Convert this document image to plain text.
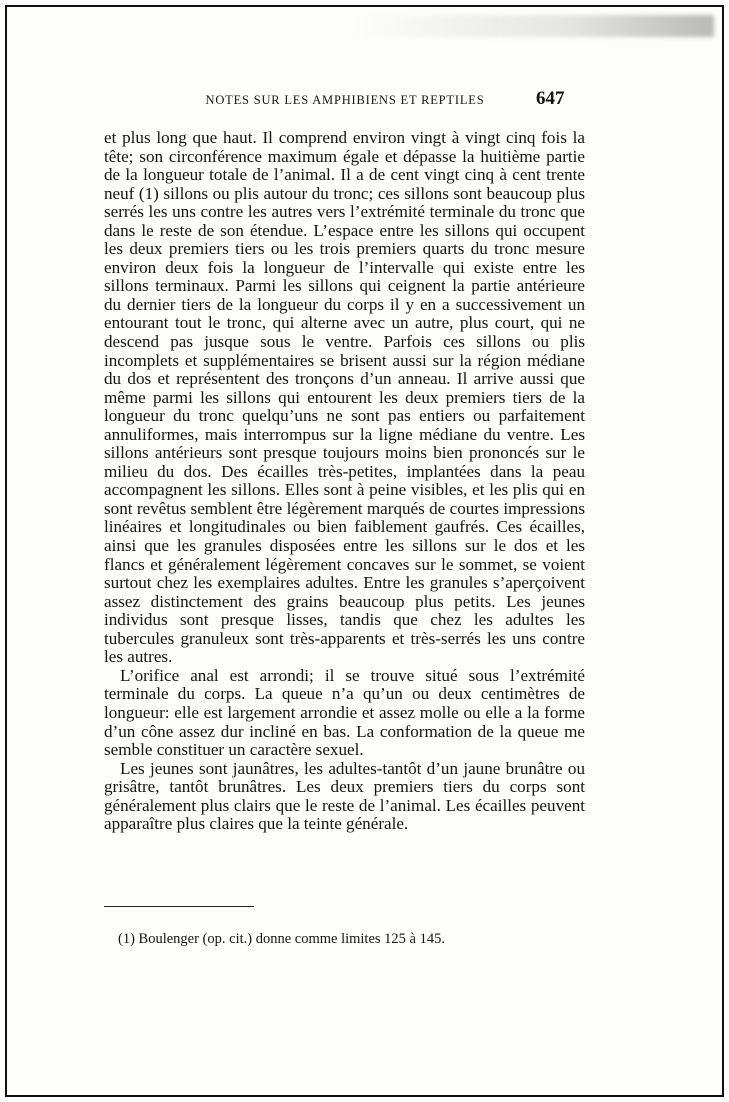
NOTES SUR LES AMPHIBIENS ET REPTILES	647

et plus long que haut. Il comprend environ vingt à vingt cinq fois la tête; son circonférence maximum égale et dépasse la huitième partie de la longueur totale de l’animal. Il a de cent vingt cinq à cent trente neuf (1) sillons ou plis autour du tronc; ces sillons sont beaucoup plus serrés les uns contre les autres vers l’extrémité terminale du tronc que dans le reste de son étendue. L’espace entre les sillons qui occupent les deux premiers tiers ou les trois premiers quarts du tronc mesure environ deux fois la longueur de l’intervalle qui existe entre les sillons terminaux. Parmi les sillons qui ceignent la partie antérieure du dernier tiers de la longueur du corps il y en a successivement un entourant tout le tronc, qui alterne avec un autre, plus court, qui ne descend pas jusque sous le ventre. Parfois ces sillons ou plis incomplets et supplémentaires se brisent aussi sur la région médiane du dos et représentent des tronçons d’un anneau. Il arrive aussi que même parmi les sillons qui entourent les deux premiers tiers de la longueur du tronc quelqu’uns ne sont pas entiers ou parfaitement annuliformes, mais interrompus sur la ligne médiane du ventre. Les sillons antérieurs sont presque toujours moins bien prononcés sur le milieu du dos. Des écailles très-petites, implantées dans la peau accompagnent les sillons. Elles sont à peine visibles, et les plis qui en sont revêtus semblent être légèrement marqués de courtes impressions linéaires et longitudinales ou bien faiblement gaufrés. Ces écailles, ainsi que les granules disposées entre les sillons sur le dos et les flancs et généralement légèrement concaves sur le sommet, se voient surtout chez les exemplaires adultes. Entre les granules s’aperçoivent assez distinctement des grains beaucoup plus petits. Les jeunes individus sont presque lisses, tandis que chez les adultes les tubercules granuleux sont très-apparents et très-serrés les uns contre les autres.

L’orifice anal est arrondi; il se trouve situé sous l’extrémité terminale du corps. La queue n’a qu’un ou deux centimètres de longueur: elle est largement arrondie et assez molle ou elle a la forme d’un cône assez dur incliné en bas. La conformation de la queue me semble constituer un caractère sexuel.

Les jeunes sont jaunâtres, les adultes-tantôt d’un jaune brunâtre ou grisâtre, tantôt brunâtres. Les deux premiers tiers du corps sont généralement plus clairs que le reste de l’animal. Les écailles peuvent apparaître plus claires que la teinte générale.

(1) Boulenger (op. cit.) donne comme limites 125 à 145.
